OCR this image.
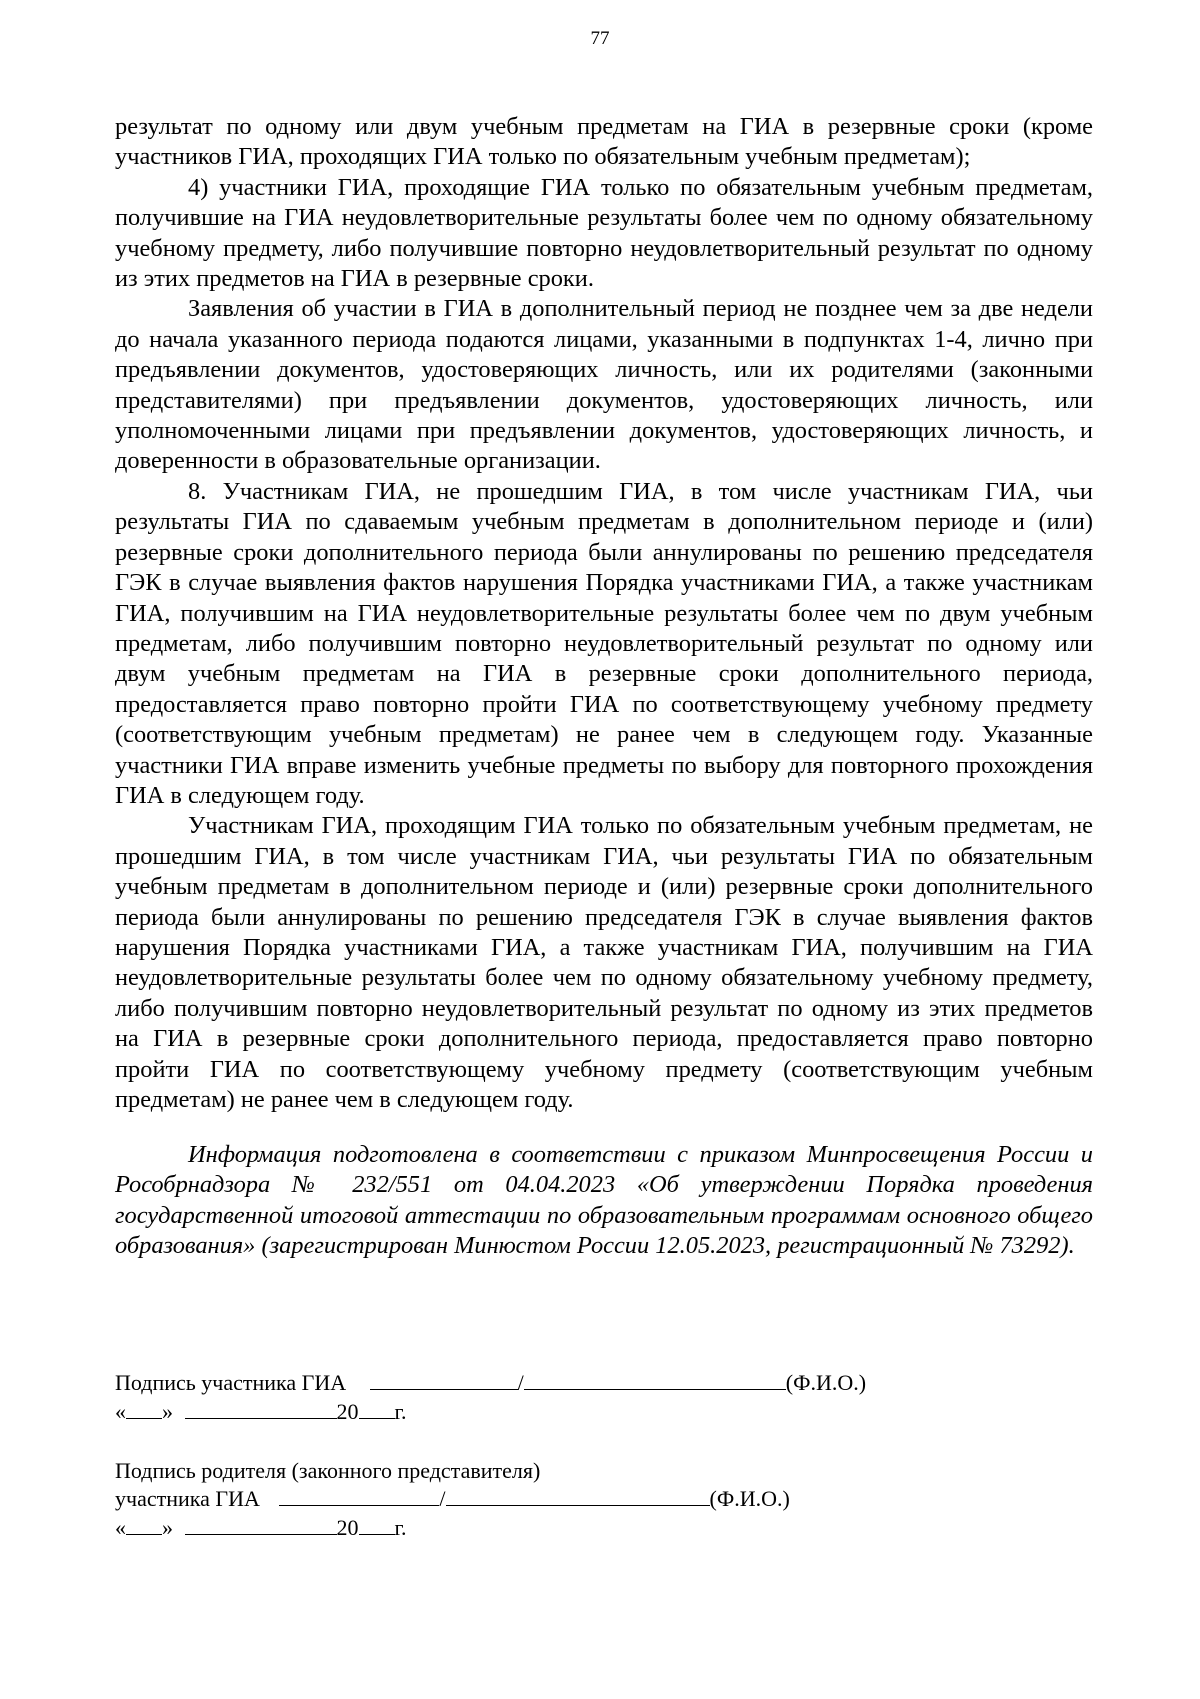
77

результат по одному или двум учебным предметам на ГИА в резервные сроки (кроме участников ГИА, проходящих ГИА только по обязательным учебным предметам);

4) участники ГИА, проходящие ГИА только по обязательным учебным предметам, получившие на ГИА неудовлетворительные результаты более чем по одному обязательному учебному предмету, либо получившие повторно неудовлетворительный результат по одному из этих предметов на ГИА в резервные сроки.

Заявления об участии в ГИА в дополнительный период не позднее чем за две недели до начала указанного периода подаются лицами, указанными в подпунктах 1-4, лично при предъявлении документов, удостоверяющих личность, или их родителями (законными представителями) при предъявлении документов, удостоверяющих личность, или уполномоченными лицами при предъявлении документов, удостоверяющих личность, и доверенности в образовательные организации.

8. Участникам ГИА, не прошедшим ГИА, в том числе участникам ГИА, чьи результаты ГИА по сдаваемым учебным предметам в дополнительном периоде и (или) резервные сроки дополнительного периода были аннулированы по решению председателя ГЭК в случае выявления фактов нарушения Порядка участниками ГИА, а также участникам ГИА, получившим на ГИА неудовлетворительные результаты более чем по двум учебным предметам, либо получившим повторно неудовлетворительный результат по одному или двум учебным предметам на ГИА в резервные сроки дополнительного периода, предоставляется право повторно пройти ГИА по соответствующему учебному предмету (соответствующим учебным предметам) не ранее чем в следующем году. Указанные участники ГИА вправе изменить учебные предметы по выбору для повторного прохождения ГИА в следующем году.

Участникам ГИА, проходящим ГИА только по обязательным учебным предметам, не прошедшим ГИА, в том числе участникам ГИА, чьи результаты ГИА по обязательным учебным предметам в дополнительном периоде и (или) резервные сроки дополнительного периода были аннулированы по решению председателя ГЭК в случае выявления фактов нарушения Порядка участниками ГИА, а также участникам ГИА, получившим на ГИА неудовлетворительные результаты более чем по одному обязательному учебному предмету, либо получившим повторно неудовлетворительный результат по одному из этих предметов на ГИА в резервные сроки дополнительного периода, предоставляется право повторно пройти ГИА по соответствующему учебному предмету (соответствующим учебным предметам) не ранее чем в следующем году.

Информация подготовлена в соответствии с приказом Минпросвещения России и Рособрнадзора № 232/551 от 04.04.2023 «Об утверждении Порядка проведения государственной итоговой аттестации по образовательным программам основного общего образования» (зарегистрирован Минюстом России 12.05.2023, регистрационный № 73292).

Подпись участника ГИА	/	(Ф.И.О.)
« »	20 г.
Подпись родителя (законного представителя)
участника ГИА	/	(Ф.И.О.)
« »	20 г.
